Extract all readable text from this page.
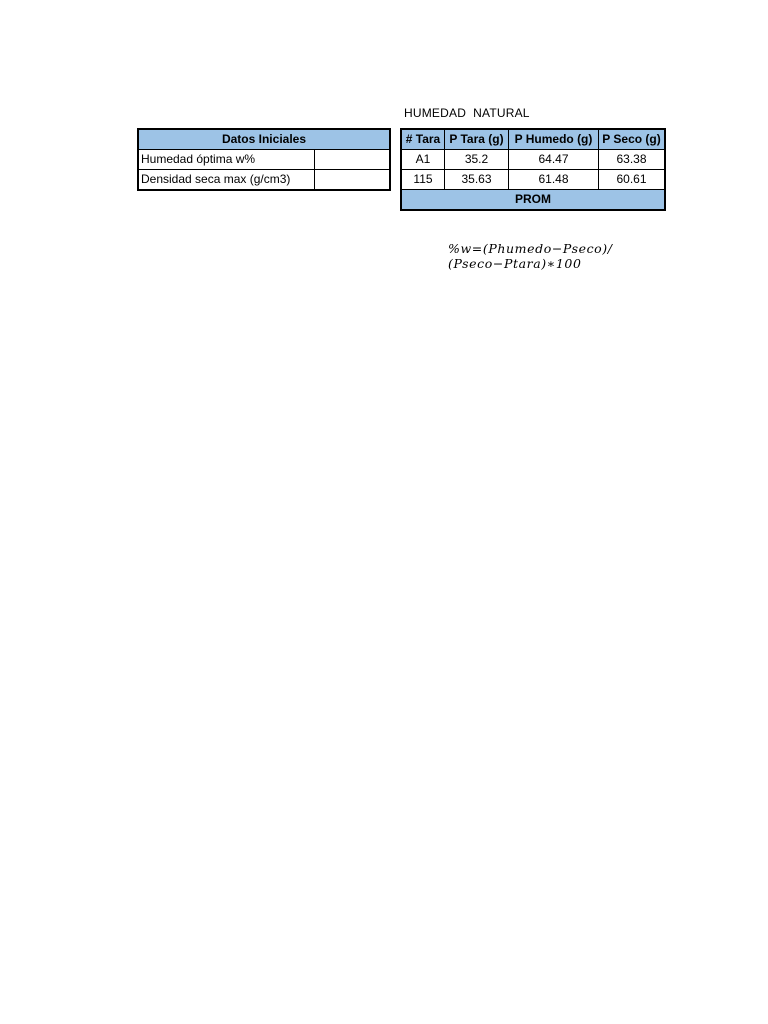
Datos Iniciales	
Humedad óptima w%	
Densidad seca max (g/cm3)	
HUMEDAD  NATURAL
# Tara	P Tara (g)	P Humedo (g)	P Seco (g)
A1	35.2	64.47	63.38
115	35.63	61.48	60.61
PROM			
%w=(Phumedo−Pseco)/
(Pseco−Ptara)∗100
